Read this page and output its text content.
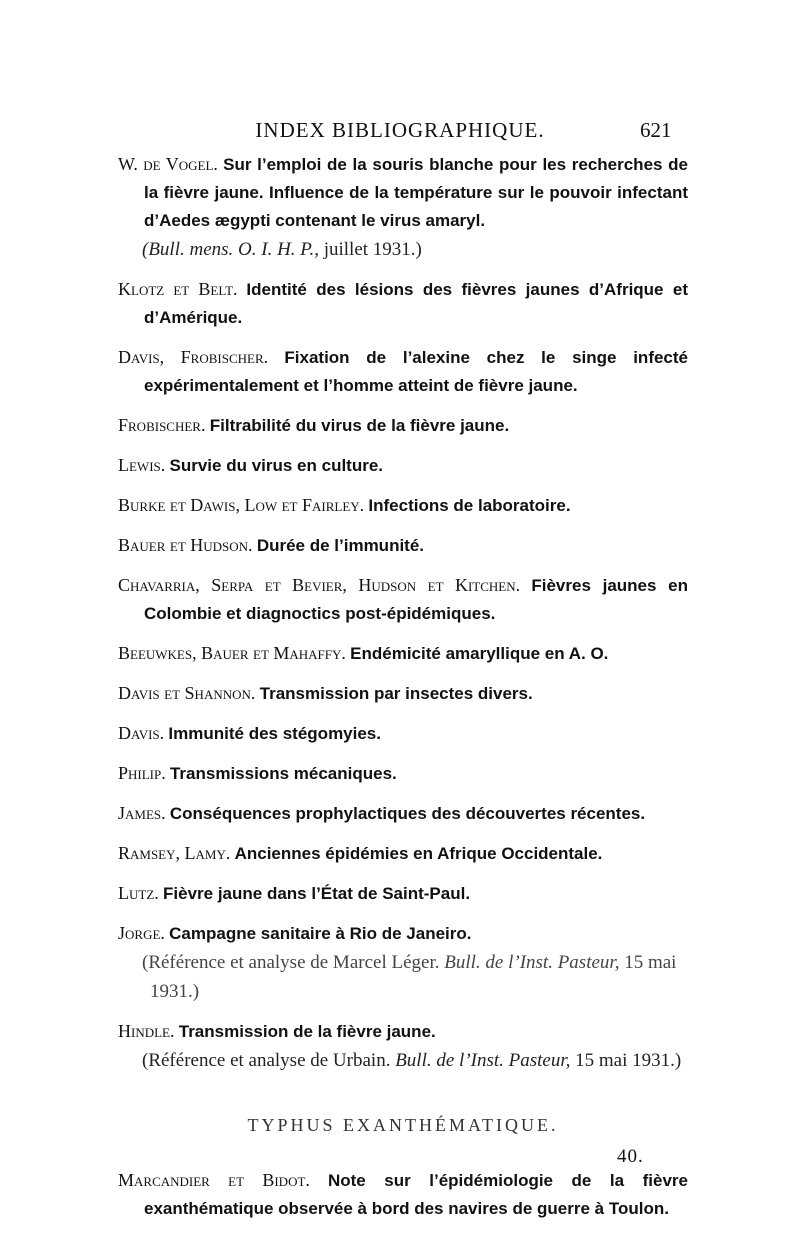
INDEX BIBLIOGRAPHIQUE.	621

W. de Vogel. Sur l’emploi de la souris blanche pour les recherches de la fièvre jaune. Influence de la température sur le pouvoir infectant d’Aedes ægypti contenant le virus amaryl.

(Bull. mens. O. I. H. P., juillet 1931.)

Klotz et Belt. Identité des lésions des fièvres jaunes d’Afrique et d’Amérique.

Davis, Frobischer. Fixation de l’alexine chez le singe infecté expérimentalement et l’homme atteint de fièvre jaune.

Frobischer. Filtrabilité du virus de la fièvre jaune.

Lewis. Survie du virus en culture.

Burke et Dawis, Low et Fairley. Infections de laboratoire.

Bauer et Hudson. Durée de l’immunité.

Chavarria, Serpa et Bevier, Hudson et Kitchen. Fièvres jaunes en Colombie et diagnoctics post-épidémiques.

Beeuwkes, Bauer et Mahaffy. Endémicité amaryllique en A. O.

Davis et Shannon. Transmission par insectes divers.

Davis. Immunité des stégomyies.

Philip. Transmissions mécaniques.

James. Conséquences prophylactiques des découvertes récentes.

Ramsey, Lamy. Anciennes épidémies en Afrique Occidentale.

Lutz. Fièvre jaune dans l’État de Saint-Paul.

Jorge. Campagne sanitaire à Rio de Janeiro.

(Référence et analyse de Marcel Léger. Bull. de l’Inst. Pasteur, 15 mai 1931.)

Hindle. Transmission de la fièvre jaune.

(Référence et analyse de Urbain. Bull. de l’Inst. Pasteur, 15 mai 1931.)

TYPHUS EXANTHÉMATIQUE.

Marcandier et Bidot. Note sur l’épidémiologie de la fièvre exanthématique observée à bord des navires de guerre à Toulon.

40.
